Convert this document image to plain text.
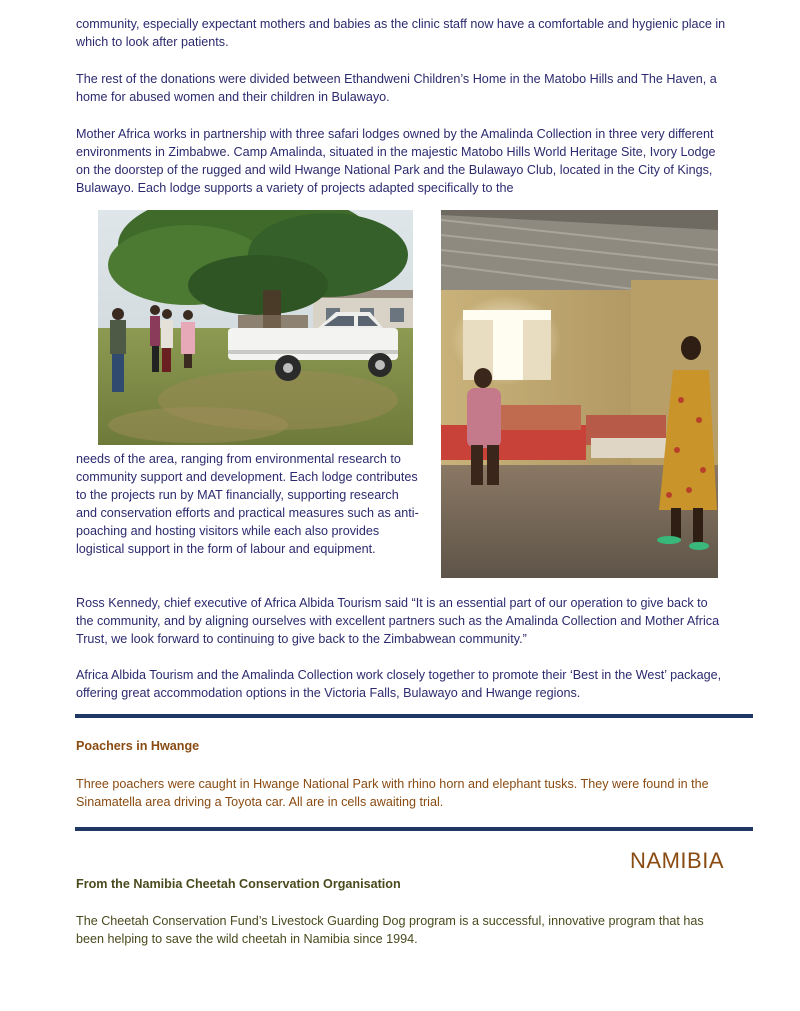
community, especially expectant mothers and babies as the clinic staff now have a comfortable and hygienic place in which to look after patients.

The rest of the donations were divided between Ethandweni Children’s Home in the Matobo Hills and The Haven, a home for abused women and their children in Bulawayo.

Mother Africa works in partnership with three safari lodges owned by the Amalinda Collection in three very different environments in Zimbabwe. Camp Amalinda, situated in the majestic Matobo Hills World Heritage Site, Ivory Lodge on the doorstep of the rugged and wild Hwange National Park and the Bulawayo Club, located in the City of Kings, Bulawayo. Each lodge supports a variety of projects adapted specifically to the

needs of the area, ranging from environmental research to community support and development. Each lodge contributes to the projects run by MAT financially, supporting research and conservation efforts and practical measures such as anti-poaching and hosting visitors while each also provides logistical support in the form of labour and equipment.

Ross Kennedy, chief executive of Africa Albida Tourism said “It is an essential part of our operation to give back to the community, and by aligning ourselves with excellent partners such as the Amalinda Collection and Mother Africa Trust, we look forward to continuing to give back to the Zimbabwean community.”

Africa Albida Tourism and the Amalinda Collection work closely together to promote their ‘Best in the West’ package, offering great accommodation options in the Victoria Falls, Bulawayo and Hwange regions.

Poachers in Hwange

Three poachers were caught in Hwange National Park with rhino horn and elephant tusks. They were found in the Sinamatella area driving a Toyota car. All are in cells awaiting trial.

NAMIBIA

From the Namibia Cheetah Conservation Organisation

The Cheetah Conservation Fund’s Livestock Guarding Dog program is a successful, innovative program that has been helping to save the wild cheetah in Namibia since 1994.
